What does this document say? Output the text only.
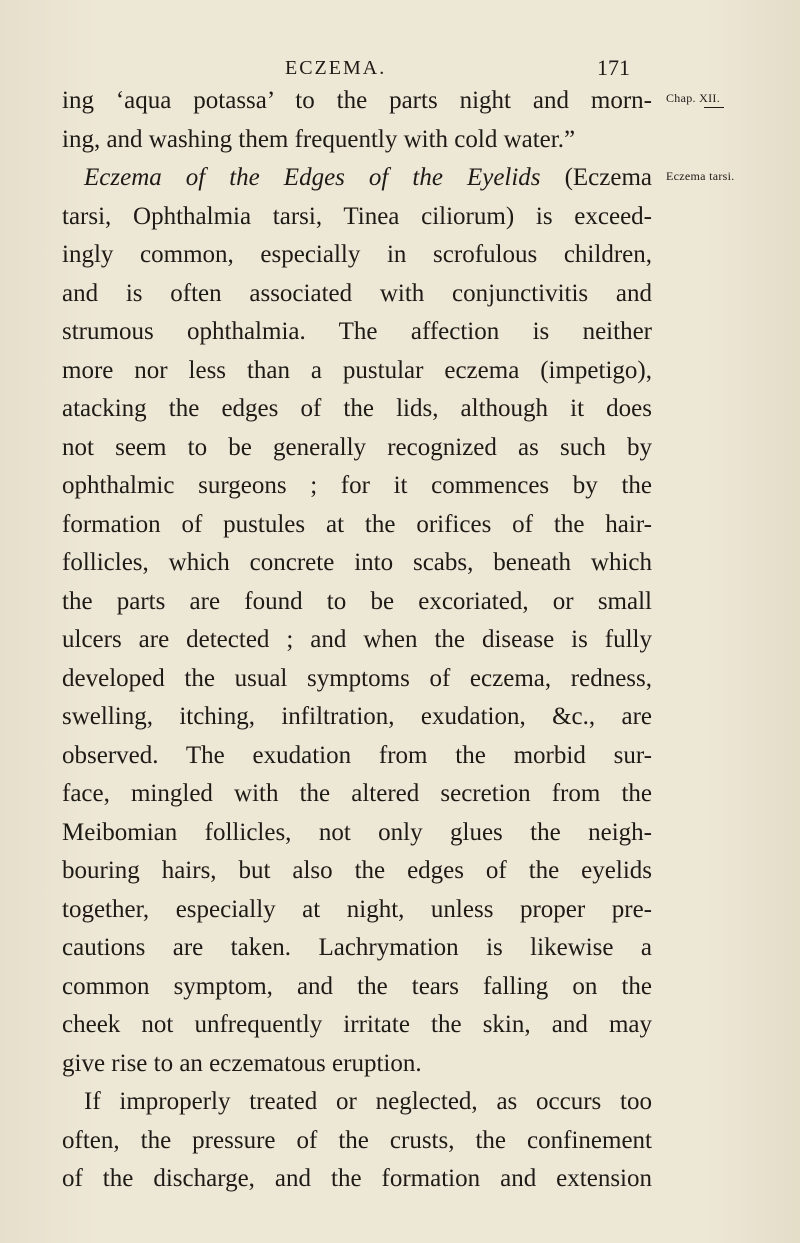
ECZEMA.	171
Chap. XII.
Eczema tarsi.
ing ‘aqua potassa’ to the parts night and morn-
ing, and washing them frequently with cold water.”
Eczema of the Edges of the Eyelids (Eczema
tarsi, Ophthalmia tarsi, Tinea ciliorum) is exceed-
ingly common, especially in scrofulous children,
and is often associated with conjunctivitis and
strumous ophthalmia. The affection is neither
more nor less than a pustular eczema (impetigo),
atacking the edges of the lids, although it does
not seem to be generally recognized as such by
ophthalmic surgeons ; for it commences by the
formation of pustules at the orifices of the hair-
follicles, which concrete into scabs, beneath which
the parts are found to be excoriated, or small
ulcers are detected ; and when the disease is fully
developed the usual symptoms of eczema, redness,
swelling, itching, infiltration, exudation, &c., are
observed. The exudation from the morbid sur-
face, mingled with the altered secretion from the
Meibomian follicles, not only glues the neigh-
bouring hairs, but also the edges of the eyelids
together, especially at night, unless proper pre-
cautions are taken. Lachrymation is likewise a
common symptom, and the tears falling on the
cheek not unfrequently irritate the skin, and may
give rise to an eczematous eruption.
If improperly treated or neglected, as occurs too
often, the pressure of the crusts, the confinement
of the discharge, and the formation and extension
